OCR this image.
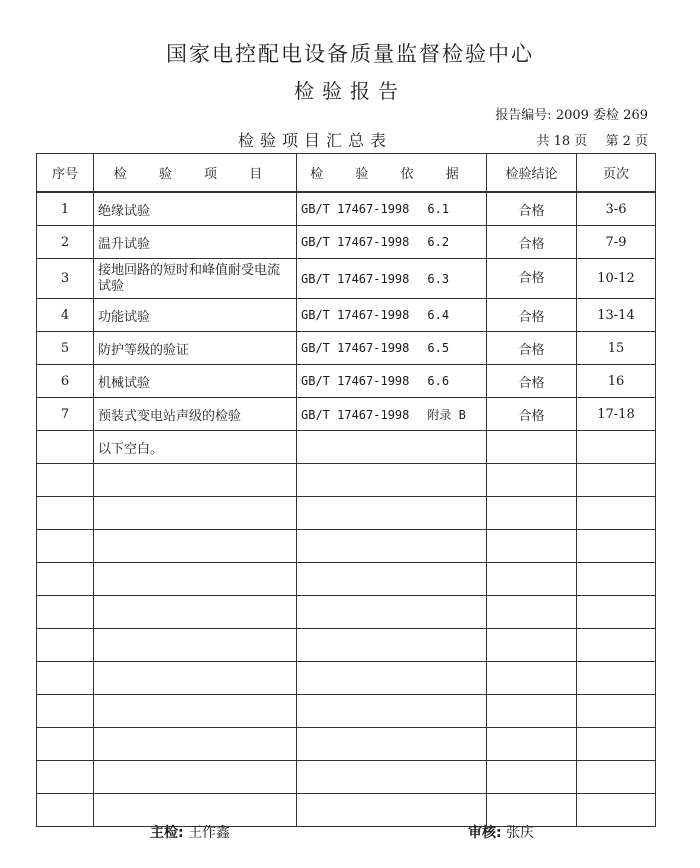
国家电控配电设备质量监督检验中心
检验报告
报告编号: 2009 委检 269
检验项目汇总表	共 18 页 第 2 页
序号	检 验 项 目	检 验 依 据	检验结论	页次
1	绝缘试验	GB/T 17467-1998 6.1	合格	3-6
2	温升试验	GB/T 17467-1998 6.2	合格	7-9
3	接地回路的短时和峰值耐受电流试验	GB/T 17467-1998 6.3	合格	10-12
4	功能试验	GB/T 17467-1998 6.4	合格	13-14
5	防护等级的验证	GB/T 17467-1998 6.5	合格	15
6	机械试验	GB/T 17467-1998 6.6	合格	16
7	预装式变电站声级的检验	GB/T 17467-1998 附录 B	合格	17-18
	以下空白。			

主检: 王作鑫	审核: 张庆
